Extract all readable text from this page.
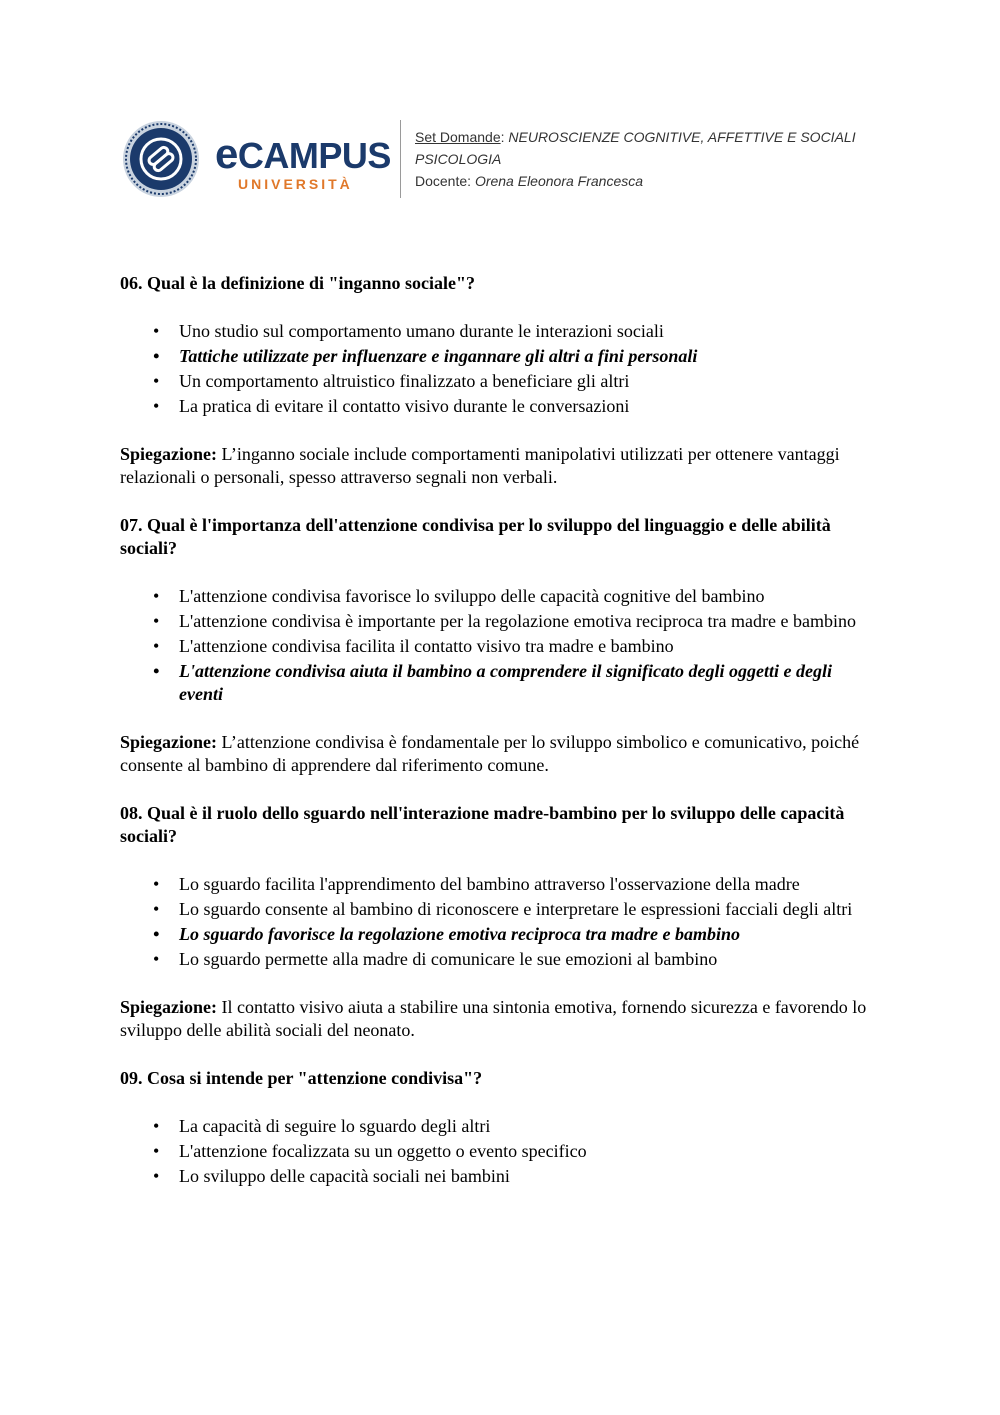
eCAMPUS
UNIVERSITÀ
Set Domande: NEUROSCIENZE COGNITIVE, AFFETTIVE E SOCIALI
PSICOLOGIA
Docente: Orena Eleonora Francesca

06. Qual è la definizione di "inganno sociale"?

• Uno studio sul comportamento umano durante le interazioni sociali
• Tattiche utilizzate per influenzare e ingannare gli altri a fini personali
• Un comportamento altruistico finalizzato a beneficiare gli altri
• La pratica di evitare il contatto visivo durante le conversazioni

Spiegazione: L’inganno sociale include comportamenti manipolativi utilizzati per ottenere vantaggi relazionali o personali, spesso attraverso segnali non verbali.

07. Qual è l'importanza dell'attenzione condivisa per lo sviluppo del linguaggio e delle abilità sociali?

• L'attenzione condivisa favorisce lo sviluppo delle capacità cognitive del bambino
• L'attenzione condivisa è importante per la regolazione emotiva reciproca tra madre e bambino
• L'attenzione condivisa facilita il contatto visivo tra madre e bambino
• L'attenzione condivisa aiuta il bambino a comprendere il significato degli oggetti e degli eventi

Spiegazione: L’attenzione condivisa è fondamentale per lo sviluppo simbolico e comunicativo, poiché consente al bambino di apprendere dal riferimento comune.

08. Qual è il ruolo dello sguardo nell'interazione madre-bambino per lo sviluppo delle capacità sociali?

• Lo sguardo facilita l'apprendimento del bambino attraverso l'osservazione della madre
• Lo sguardo consente al bambino di riconoscere e interpretare le espressioni facciali degli altri
• Lo sguardo favorisce la regolazione emotiva reciproca tra madre e bambino
• Lo sguardo permette alla madre di comunicare le sue emozioni al bambino

Spiegazione: Il contatto visivo aiuta a stabilire una sintonia emotiva, fornendo sicurezza e favorendo lo sviluppo delle abilità sociali del neonato.

09. Cosa si intende per "attenzione condivisa"?

• La capacità di seguire lo sguardo degli altri
• L'attenzione focalizzata su un oggetto o evento specifico
• Lo sviluppo delle capacità sociali nei bambini
